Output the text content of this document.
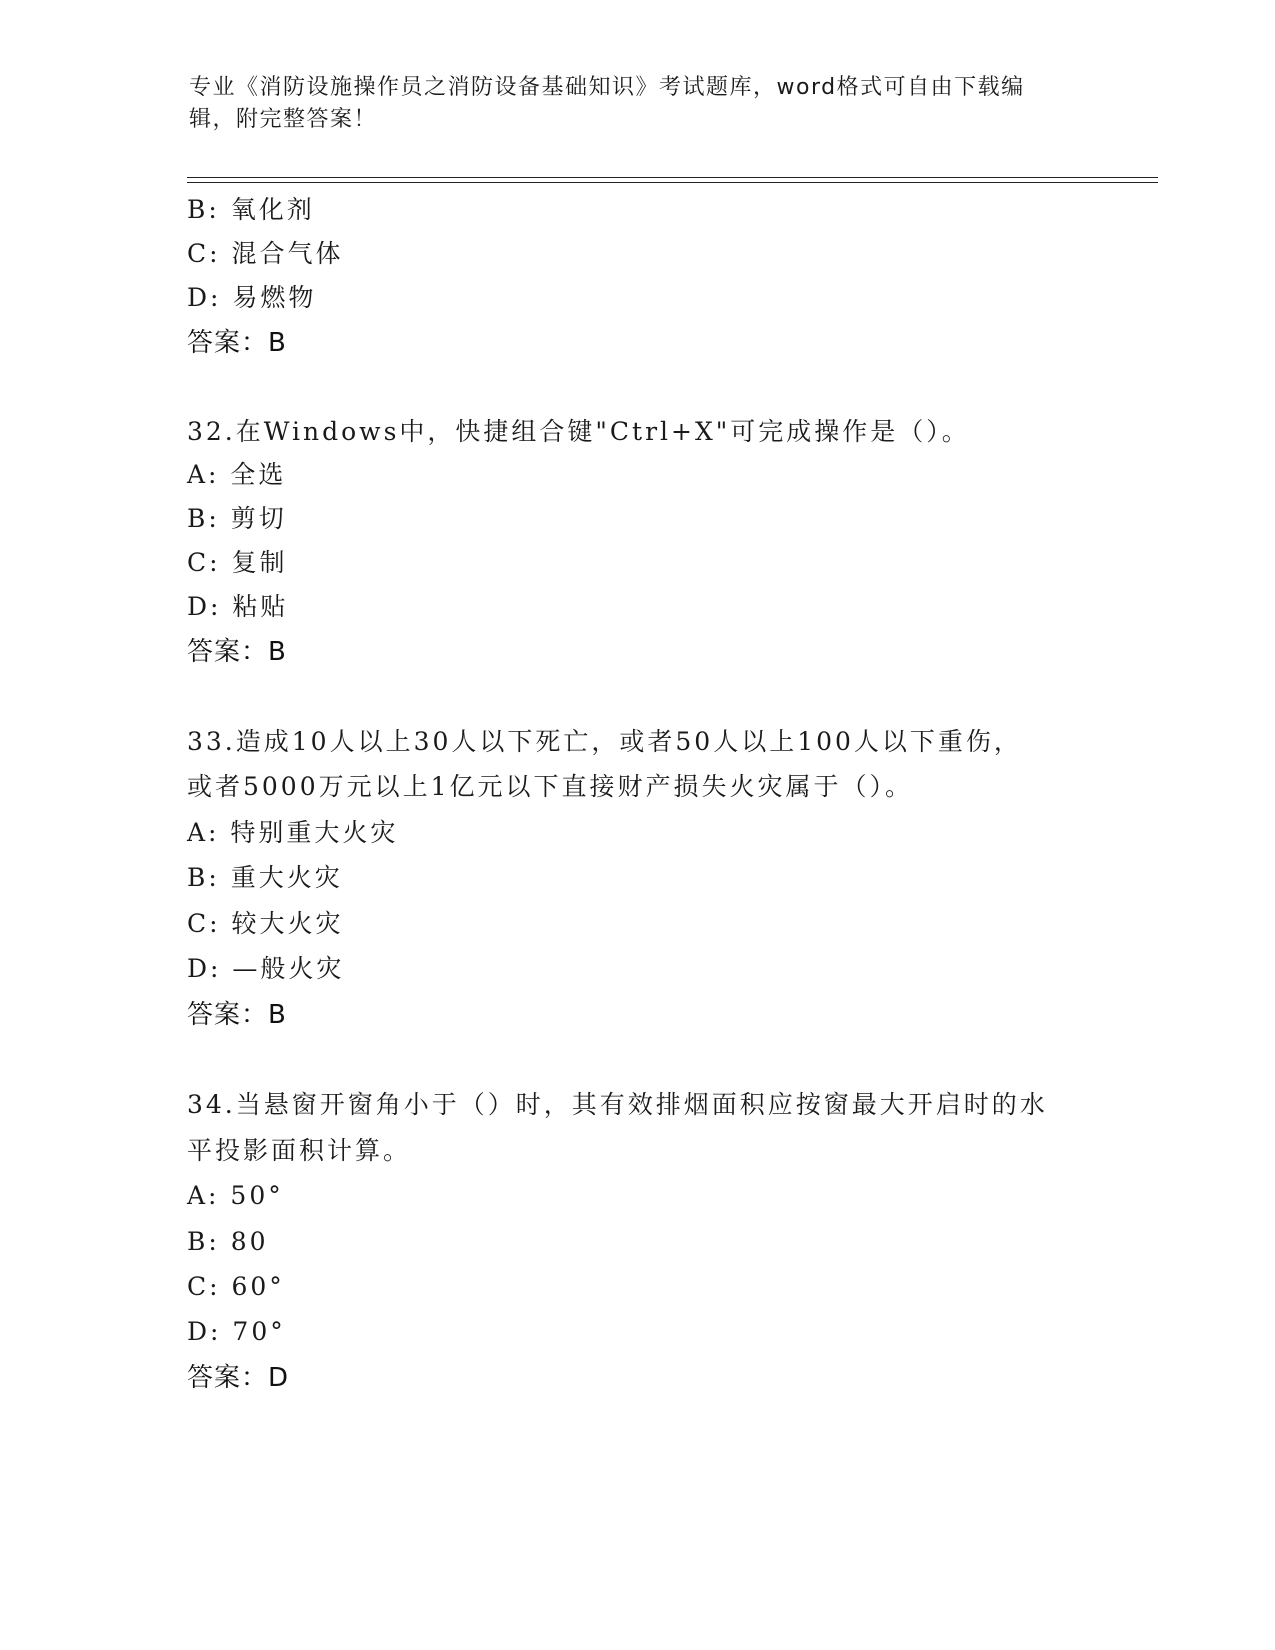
专业《消防设施操作员之消防设备基础知识》考试题库，word格式可自由下载编
辑，附完整答案！
B: 氧化剂
C: 混合气体
D: 易燃物
答案：B
32.在Windows中，快捷组合键"Ctrl+X"可完成操作是（）。
A: 全选
B: 剪切
C: 复制
D: 粘贴
答案：B
33.造成10人以上30人以下死亡，或者50人以上100人以下重伤，
或者5000万元以上1亿元以下直接财产损失火灾属于（）。
A: 特别重大火灾
B: 重大火灾
C: 较大火灾
D: —般火灾
答案：B
34.当悬窗开窗角小于（）时，其有效排烟面积应按窗最大开启时的水
平投影面积计算。
A: 50°
B: 80
C: 60°
D: 70°
答案：D
